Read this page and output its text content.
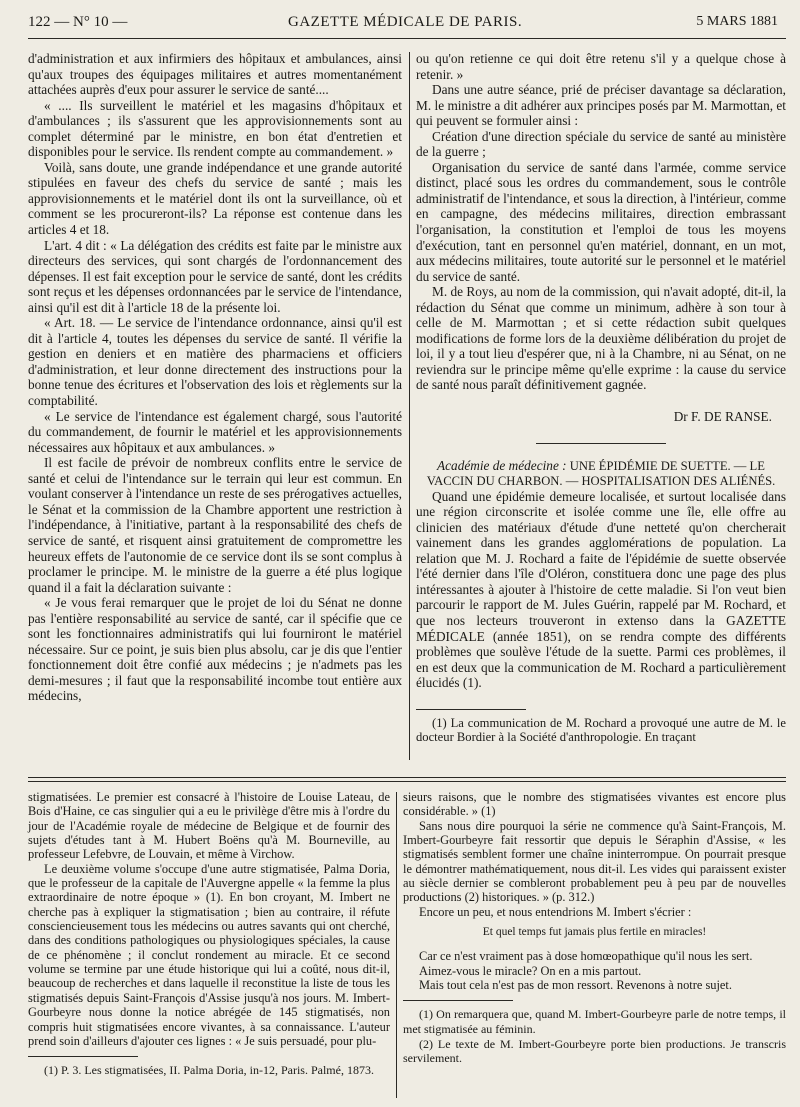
122 — N° 10 —	GAZETTE MÉDICALE DE PARIS.	5 MARS 1881

d'administration et aux infirmiers des hôpitaux et ambulances, ainsi qu'aux troupes des équipages militaires et autres momentanément attachées auprès d'eux pour assurer le service de santé....

« .... Ils surveillent le matériel et les magasins d'hôpitaux et d'ambulances ; ils s'assurent que les approvisionnements sont au complet déterminé par le ministre, en bon état d'entretien et disponibles pour le service. Ils rendent compte au commandement. »

Voilà, sans doute, une grande indépendance et une grande autorité stipulées en faveur des chefs du service de santé ; mais les approvisionnements et le matériel dont ils ont la surveillance, où et comment se les procureront-ils? La réponse est contenue dans les articles 4 et 18.

L'art. 4 dit : « La délégation des crédits est faite par le ministre aux directeurs des services, qui sont chargés de l'ordonnancement des dépenses. Il est fait exception pour le service de santé, dont les crédits sont reçus et les dépenses ordonnancées par le service de l'intendance, ainsi qu'il est dit à l'article 18 de la présente loi.

« Art. 18. — Le service de l'intendance ordonnance, ainsi qu'il est dit à l'article 4, toutes les dépenses du service de santé. Il vérifie la gestion en deniers et en matière des pharmaciens et officiers d'administration, et leur donne directement des instructions pour la bonne tenue des écritures et l'observation des lois et règlements sur la comptabilité.

« Le service de l'intendance est également chargé, sous l'autorité du commandement, de fournir le matériel et les approvisionnements nécessaires aux hôpitaux et aux ambulances. »

Il est facile de prévoir de nombreux conflits entre le service de santé et celui de l'intendance sur le terrain qui leur est commun. En voulant conserver à l'intendance un reste de ses prérogatives actuelles, le Sénat et la commission de la Chambre apportent une restriction à l'indépendance, à l'initiative, partant à la responsabilité des chefs de service de santé, et risquent ainsi gratuitement de compromettre les heureux effets de l'autonomie de ce service dont ils se sont complus à proclamer le principe. M. le ministre de la guerre a été plus logique quand il a fait la déclaration suivante :

« Je vous ferai remarquer que le projet de loi du Sénat ne donne pas l'entière responsabilité au service de santé, car il spécifie que ce sont les fonctionnaires administratifs qui lui fourniront le matériel nécessaire. Sur ce point, je suis bien plus absolu, car je dis que l'entier fonctionnement doit être confié aux médecins ; je n'admets pas les demi-mesures ; il faut que la responsabilité incombe tout entière aux médecins,

ou qu'on retienne ce qui doit être retenu s'il y a quelque chose à retenir. »

Dans une autre séance, prié de préciser davantage sa déclaration, M. le ministre a dit adhérer aux principes posés par M. Marmottan, et qui peuvent se formuler ainsi :

Création d'une direction spéciale du service de santé au ministère de la guerre ;

Organisation du service de santé dans l'armée, comme service distinct, placé sous les ordres du commandement, sous le contrôle administratif de l'intendance, et sous la direction, à l'intérieur, comme en campagne, des médecins militaires, direction embrassant l'organisation, la constitution et l'emploi de tous les moyens d'exécution, tant en personnel qu'en matériel, donnant, en un mot, aux médecins militaires, toute autorité sur le personnel et le matériel du service de santé.

M. de Roys, au nom de la commission, qui n'avait adopté, dit-il, la rédaction du Sénat que comme un minimum, adhère à son tour à celle de M. Marmottan ; et si cette rédaction subit quelques modifications de forme lors de la deuxième délibération du projet de loi, il y a tout lieu d'espérer que, ni à la Chambre, ni au Sénat, on ne reviendra sur le principe même qu'elle exprime : la cause du service de santé nous paraît définitivement gagnée.

Dr F. DE RANSE.

Académie de médecine : UNE ÉPIDÉMIE DE SUETTE. — LE VACCIN DU CHARBON. — HOSPITALISATION DES ALIÉNÉS.

Quand une épidémie demeure localisée, et surtout localisée dans une région circonscrite et isolée comme une île, elle offre au clinicien des matériaux d'étude d'une netteté qu'on chercherait vainement dans les grandes agglomérations de population. La relation que M. J. Rochard a faite de l'épidémie de suette observée l'été dernier dans l'île d'Oléron, constituera donc une page des plus intéressantes à ajouter à l'histoire de cette maladie. Si l'on veut bien parcourir le rapport de M. Jules Guérin, rappelé par M. Rochard, et que nos lecteurs trouveront in extenso dans la GAZETTE MÉDICALE (année 1851), on se rendra compte des différents problèmes que soulève l'étude de la suette. Parmi ces problèmes, il en est deux que la communication de M. Rochard a particulièrement élucidés (1).

(1) La communication de M. Rochard a provoqué une autre de M. le docteur Bordier à la Société d'anthropologie. En traçant

stigmatisées. Le premier est consacré à l'histoire de Louise Lateau, de Bois d'Haine, ce cas singulier qui a eu le privilège d'être mis à l'ordre du jour de l'Académie royale de médecine de Belgique et de fournir des sujets d'études tant à M. Hubert Boëns qu'à M. Bourneville, au professeur Lefebvre, de Louvain, et même à Virchow.

Le deuxième volume s'occupe d'une autre stigmatisée, Palma Doria, que le professeur de la capitale de l'Auvergne appelle « la femme la plus extraordinaire de notre époque » (1). En bon croyant, M. Imbert ne cherche pas à expliquer la stigmatisation ; bien au contraire, il réfute consciencieusement tous les médecins ou autres savants qui ont cherché, dans des conditions pathologiques ou physiologiques spéciales, la cause de ce phénomène ; il conclut rondement au miracle. Et ce second volume se termine par une étude historique qui lui a coûté, nous dit-il, beaucoup de recherches et dans laquelle il reconstitue la liste de tous les stigmatisés depuis Saint-François d'Assise jusqu'à nos jours. M. Imbert-Gourbeyre nous donne la notice abrégée de 145 stigmatisés, non compris huit stigmatisées encore vivantes, à sa connaissance. L'auteur prend soin d'ailleurs d'ajouter ces lignes : « Je suis persuadé, pour plu-

(1) P. 3. Les stigmatisées, II. Palma Doria, in-12, Paris. Palmé, 1873.

sieurs raisons, que le nombre des stigmatisées vivantes est encore plus considérable. » (1)

Sans nous dire pourquoi la série ne commence qu'à Saint-François, M. Imbert-Gourbeyre fait ressortir que depuis le Séraphin d'Assise, « les stigmatisés semblent former une chaîne ininterrompue. On pourrait presque le démontrer mathématiquement, nous dit-il. Les vides qui paraissent exister au siècle dernier se combleront probablement peu à peu par de nouvelles productions (2) historiques. » (p. 312.)

Encore un peu, et nous entendrions M. Imbert s'écrier :

Et quel temps fut jamais plus fertile en miracles!

Car ce n'est vraiment pas à dose homœopathique qu'il nous les sert.

Aimez-vous le miracle? On en a mis partout.

Mais tout cela n'est pas de mon ressort. Revenons à notre sujet.

(1) On remarquera que, quand M. Imbert-Gourbeyre parle de notre temps, il met stigmatisée au féminin.

(2) Le texte de M. Imbert-Gourbeyre porte bien productions. Je transcris servilement.
